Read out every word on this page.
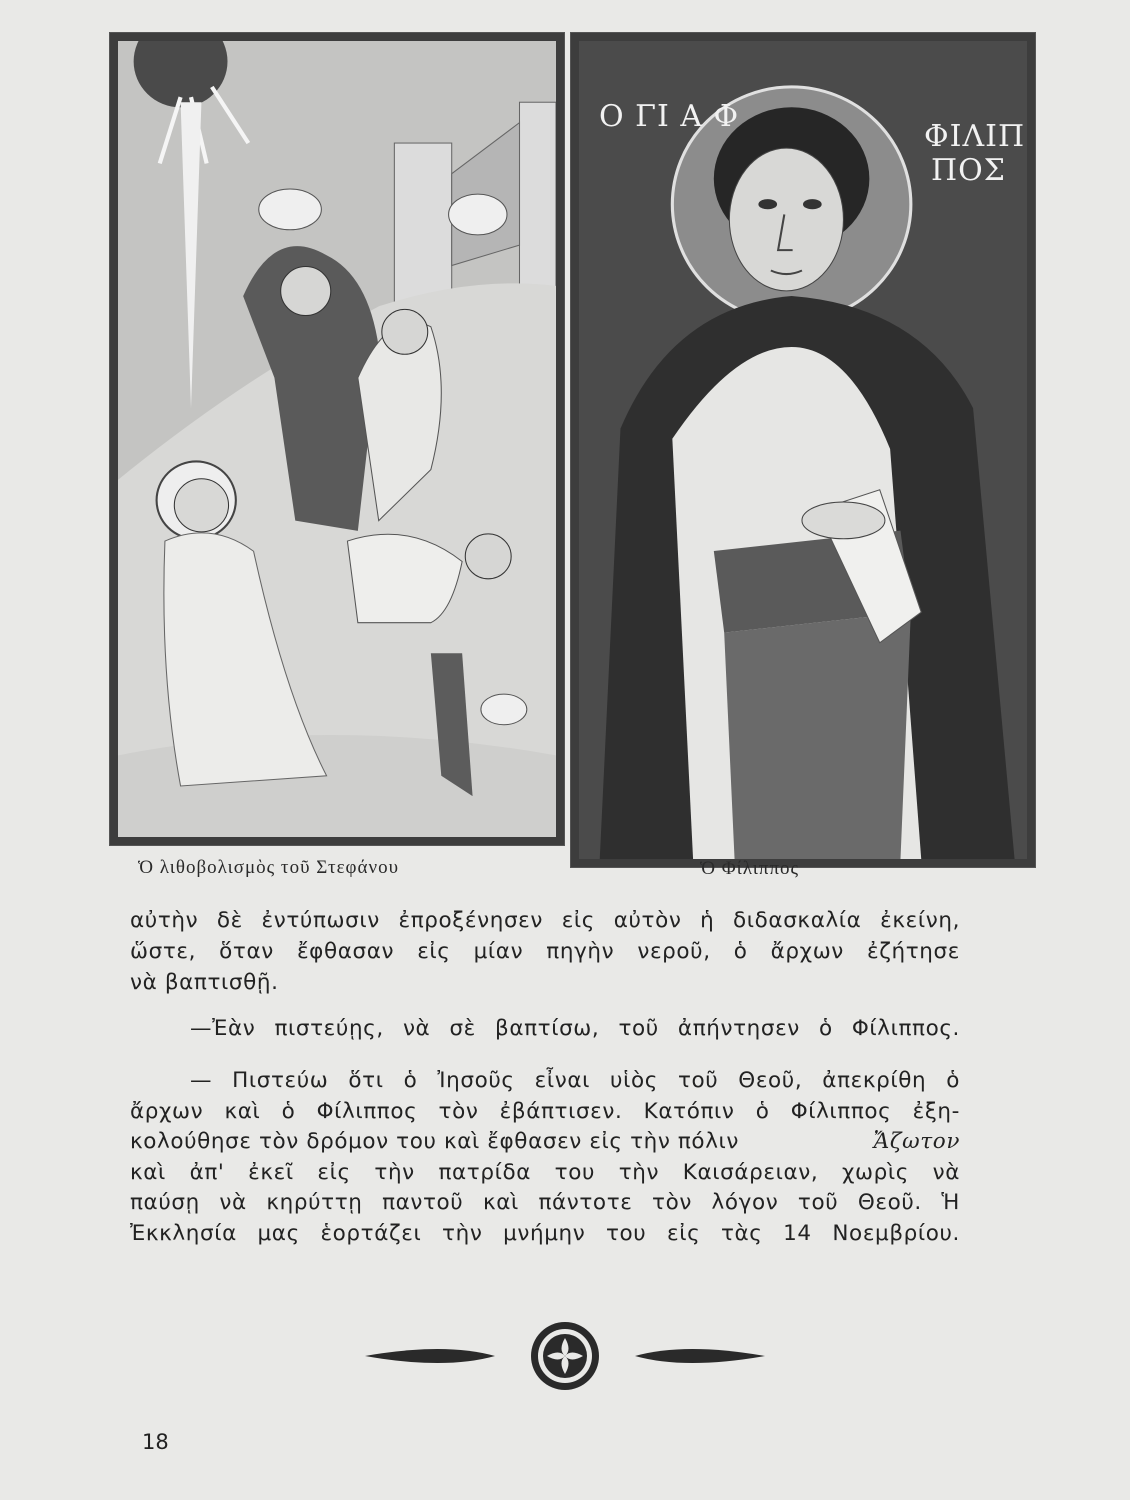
Ο ΓΙ Α Φ
ΦΙΛΙΠ
ΠΟΣ
Ὁ λιθοβολισμὸς τοῦ Στεφάνου	Ὁ Φίλιππος
αὐτὴν δὲ ἐντύπωσιν ἐπροξένησεν εἰς αὐτὸν ἡ διδασκαλία ἐκείνη,
ὥστε, ὅταν ἔφθασαν εἰς μίαν πηγὴν νεροῦ, ὁ ἄρχων ἐζήτησε
νὰ βαπτισθῇ.
—Ἐὰν πιστεύῃς, νὰ σὲ βαπτίσω, τοῦ ἀπήντησεν ὁ Φίλιππος.
— Πιστεύω ὅτι ὁ Ἰησοῦς εἶναι υἱὸς τοῦ Θεοῦ, ἀπεκρίθη ὁ
ἄρχων καὶ ὁ Φίλιππος τὸν ἐβάπτισεν. Κατόπιν ὁ Φίλιππος ἐξη-
κολούθησε τὸν δρόμον του καὶ ἔφθασεν εἰς τὴν πόλιν	Ἄζωτον
καὶ ἀπ' ἐκεῖ εἰς τὴν πατρίδα του τὴν Καισάρειαν, χωρὶς νὰ
παύσῃ νὰ κηρύττῃ παντοῦ καὶ πάντοτε τὸν λόγον τοῦ Θεοῦ. Ἡ
Ἐκκλησία μας ἑορτάζει τὴν μνήμην του εἰς τὰς 14 Νοεμβρίου.
18
